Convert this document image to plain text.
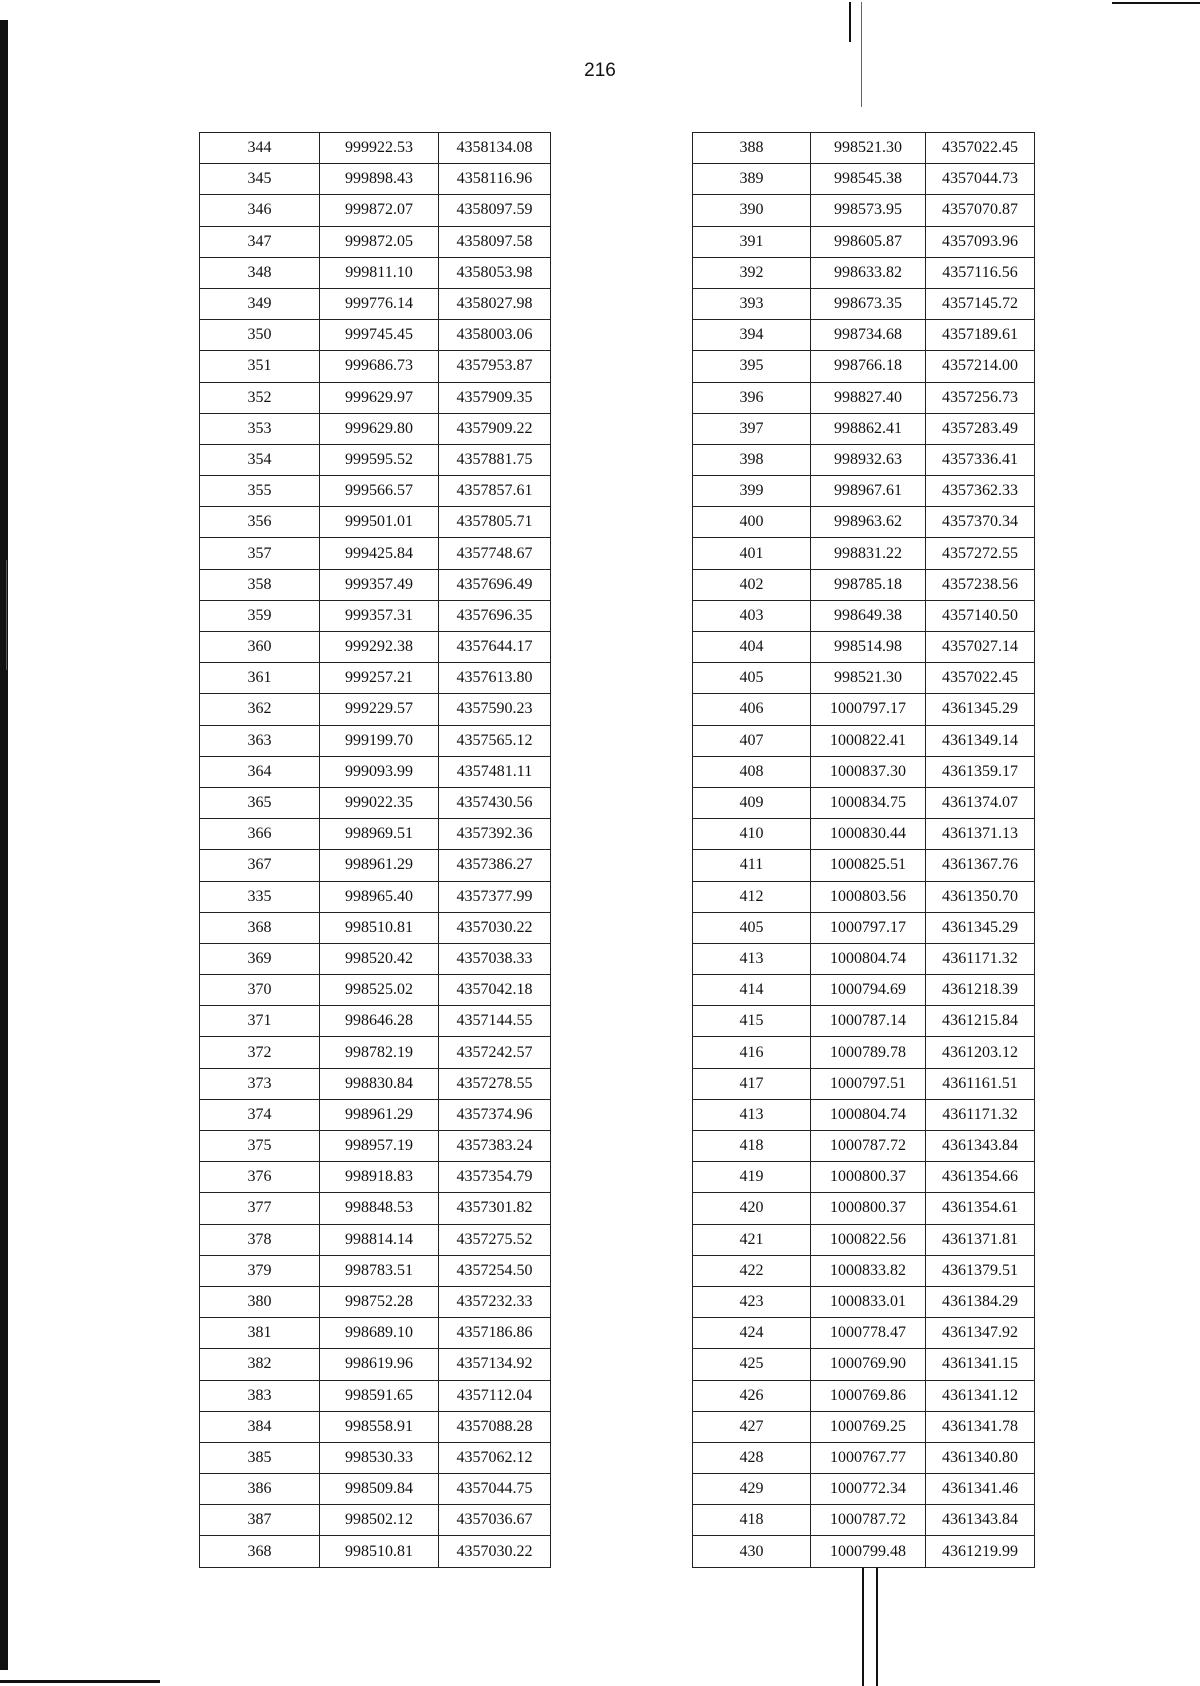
216
344	999922.53	4358134.08
345	999898.43	4358116.96
346	999872.07	4358097.59
347	999872.05	4358097.58
348	999811.10	4358053.98
349	999776.14	4358027.98
350	999745.45	4358003.06
351	999686.73	4357953.87
352	999629.97	4357909.35
353	999629.80	4357909.22
354	999595.52	4357881.75
355	999566.57	4357857.61
356	999501.01	4357805.71
357	999425.84	4357748.67
358	999357.49	4357696.49
359	999357.31	4357696.35
360	999292.38	4357644.17
361	999257.21	4357613.80
362	999229.57	4357590.23
363	999199.70	4357565.12
364	999093.99	4357481.11
365	999022.35	4357430.56
366	998969.51	4357392.36
367	998961.29	4357386.27
335	998965.40	4357377.99
368	998510.81	4357030.22
369	998520.42	4357038.33
370	998525.02	4357042.18
371	998646.28	4357144.55
372	998782.19	4357242.57
373	998830.84	4357278.55
374	998961.29	4357374.96
375	998957.19	4357383.24
376	998918.83	4357354.79
377	998848.53	4357301.82
378	998814.14	4357275.52
379	998783.51	4357254.50
380	998752.28	4357232.33
381	998689.10	4357186.86
382	998619.96	4357134.92
383	998591.65	4357112.04
384	998558.91	4357088.28
385	998530.33	4357062.12
386	998509.84	4357044.75
387	998502.12	4357036.67
368	998510.81	4357030.22
388	998521.30	4357022.45
389	998545.38	4357044.73
390	998573.95	4357070.87
391	998605.87	4357093.96
392	998633.82	4357116.56
393	998673.35	4357145.72
394	998734.68	4357189.61
395	998766.18	4357214.00
396	998827.40	4357256.73
397	998862.41	4357283.49
398	998932.63	4357336.41
399	998967.61	4357362.33
400	998963.62	4357370.34
401	998831.22	4357272.55
402	998785.18	4357238.56
403	998649.38	4357140.50
404	998514.98	4357027.14
405	998521.30	4357022.45
406	1000797.17	4361345.29
407	1000822.41	4361349.14
408	1000837.30	4361359.17
409	1000834.75	4361374.07
410	1000830.44	4361371.13
411	1000825.51	4361367.76
412	1000803.56	4361350.70
405	1000797.17	4361345.29
413	1000804.74	4361171.32
414	1000794.69	4361218.39
415	1000787.14	4361215.84
416	1000789.78	4361203.12
417	1000797.51	4361161.51
413	1000804.74	4361171.32
418	1000787.72	4361343.84
419	1000800.37	4361354.66
420	1000800.37	4361354.61
421	1000822.56	4361371.81
422	1000833.82	4361379.51
423	1000833.01	4361384.29
424	1000778.47	4361347.92
425	1000769.90	4361341.15
426	1000769.86	4361341.12
427	1000769.25	4361341.78
428	1000767.77	4361340.80
429	1000772.34	4361341.46
418	1000787.72	4361343.84
430	1000799.48	4361219.99
